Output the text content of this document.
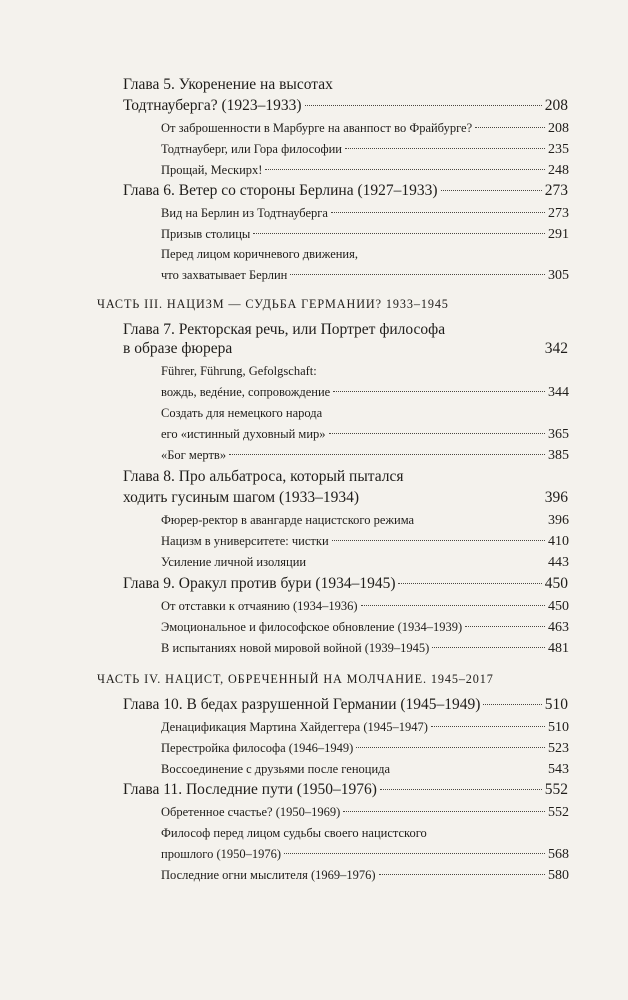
Глава 5. Укоренение на высотах
Тодтнауберга? (1923–1933)	208
От заброшенности в Марбурге на аванпост во Фрайбурге?	208
Тодтнауберг, или Гора философии	235
Прощай, Мескирх!	248
Глава 6. Ветер со стороны Берлина (1927–1933)	273
Вид на Берлин из Тодтнауберга	273
Призыв столицы	291
Перед лицом коричневого движения,
что захватывает Берлин	305
ЧАСТЬ III. НАЦИЗМ — СУДЬБА ГЕРМАНИИ? 1933–1945
Глава 7. Ректорская речь, или Портрет философа
в образе фюрера	342
Führer, Führung, Gefolgschaft:
вождь, ведéние, сопровождение	344
Создать для немецкого народа
его «истинный духовный мир»	365
«Бог мертв»	385
Глава 8. Про альбатроса, который пытался
ходить гусиным шагом (1933–1934)	396
Фюрер-ректор в авангарде нацистского режима	396
Нацизм в университете: чистки	410
Усиление личной изоляции	443
Глава 9. Оракул против бури (1934–1945)	450
От отставки к отчаянию (1934–1936)	450
Эмоциональное и философское обновление (1934–1939)	463
В испытаниях новой мировой войной (1939–1945)	481
ЧАСТЬ IV. НАЦИСТ, ОБРЕЧЕННЫЙ НА МОЛЧАНИЕ. 1945–2017
Глава 10. В бедах разрушенной Германии (1945–1949)	510
Денацификация Мартина Хайдеггера (1945–1947)	510
Перестройка философа (1946–1949)	523
Воссоединение с друзьями после геноцида	543
Глава 11. Последние пути (1950–1976)	552
Обретенное счастье? (1950–1969)	552
Философ перед лицом судьбы своего нацистского
прошлого (1950–1976)	568
Последние огни мыслителя (1969–1976)	580
